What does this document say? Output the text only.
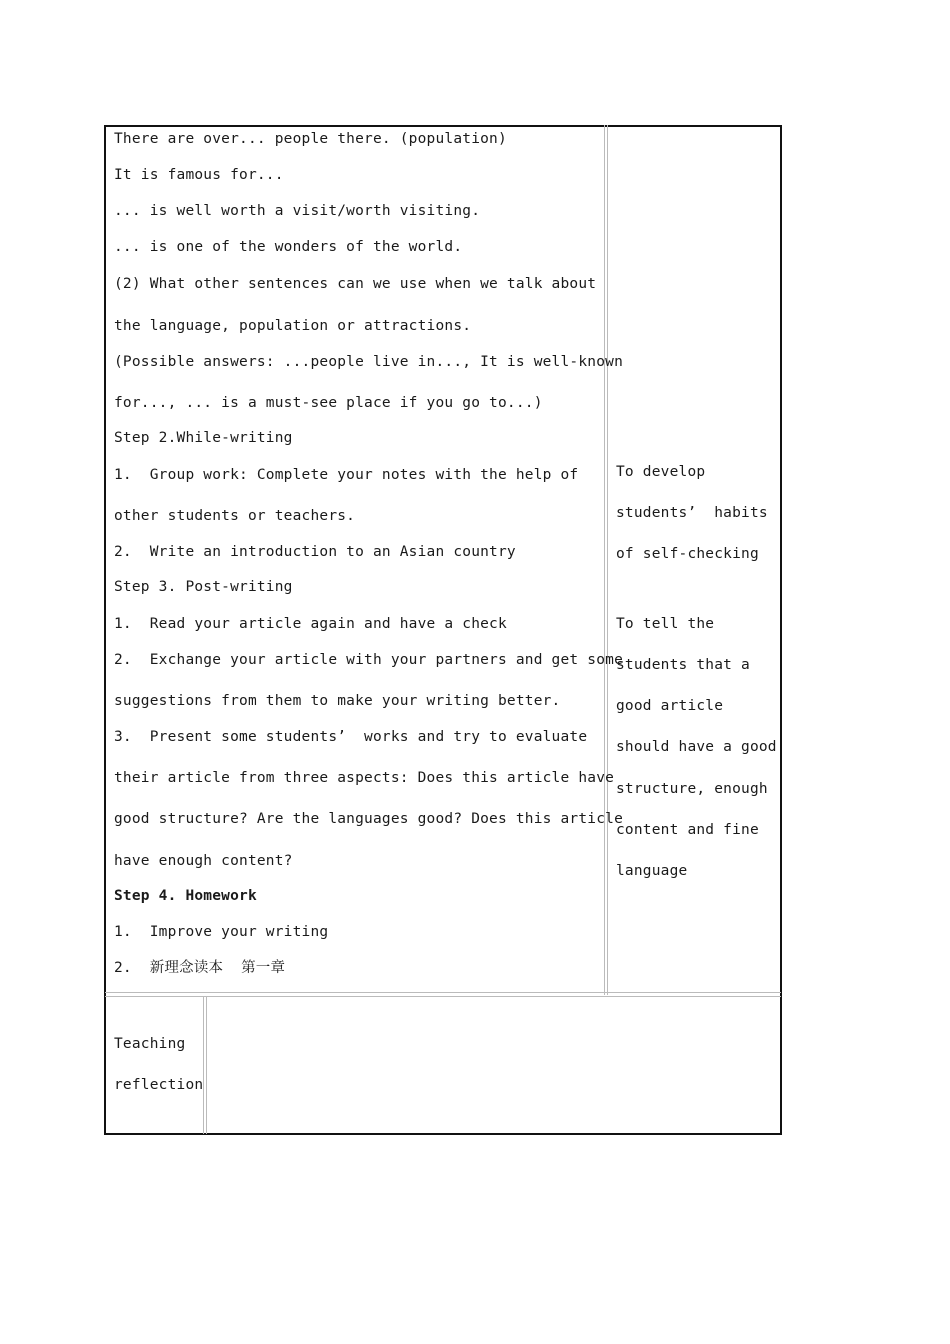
There are over... people there. (population)
It is famous for...
... is well worth a visit/worth visiting.
... is one of the wonders of the world.
(2) What other sentences can we use when we talk about
the language, population or attractions.
(Possible answers: ...people live in..., It is well-known
for..., ... is a must-see place if you go to...)
Step 2.While-writing
1.  Group work: Complete your notes with the help of
other students or teachers.
2.  Write an introduction to an Asian country
Step 3. Post-writing
1.  Read your article again and have a check
2.  Exchange your article with your partners and get some
suggestions from them to make your writing better.
3.  Present some students’  works and try to evaluate
their article from three aspects: Does this article have
good structure? Are the languages good? Does this article
have enough content?
Step 4. Homework
1.  Improve your writing
2.  新理念读本  第一章
To develop
students’  habits
of self-checking
To tell the
students that a
good article
should have a good
structure, enough
content and fine
language
Teaching
reflection
